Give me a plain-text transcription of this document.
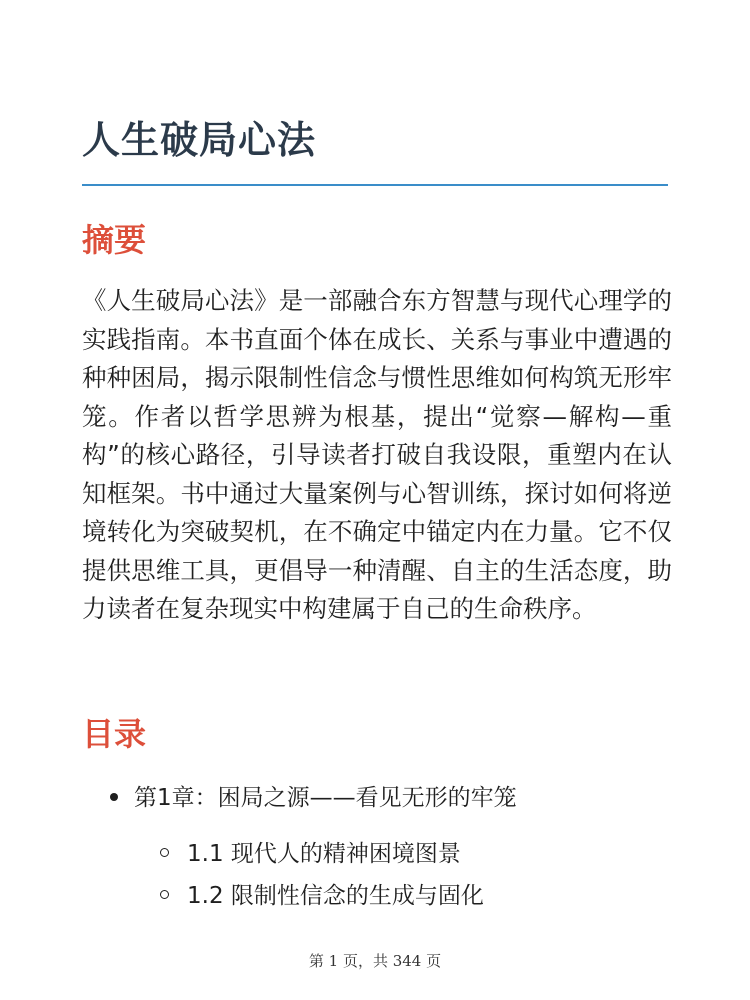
人生破局心法
摘要

《人生破局心法》是一部融合东方智慧与现代心理学的实践指南。本书直面个体在成长、关系与事业中遭遇的种种困局，揭示限制性信念与惯性思维如何构筑无形牢笼。作者以哲学思辨为根基，提出“觉察—解构—重构”的核心路径，引导读者打破自我设限，重塑内在认知框架。书中通过大量案例与心智训练，探讨如何将逆境转化为突破契机，在不确定中锚定内在力量。它不仅提供思维工具，更倡导一种清醒、自主的生活态度，助力读者在复杂现实中构建属于自己的生命秩序。

目录
第1章：困局之源——看见无形的牢笼
1.1 现代人的精神困境图景
1.2 限制性信念的生成与固化
第 1 页，共 344 页
